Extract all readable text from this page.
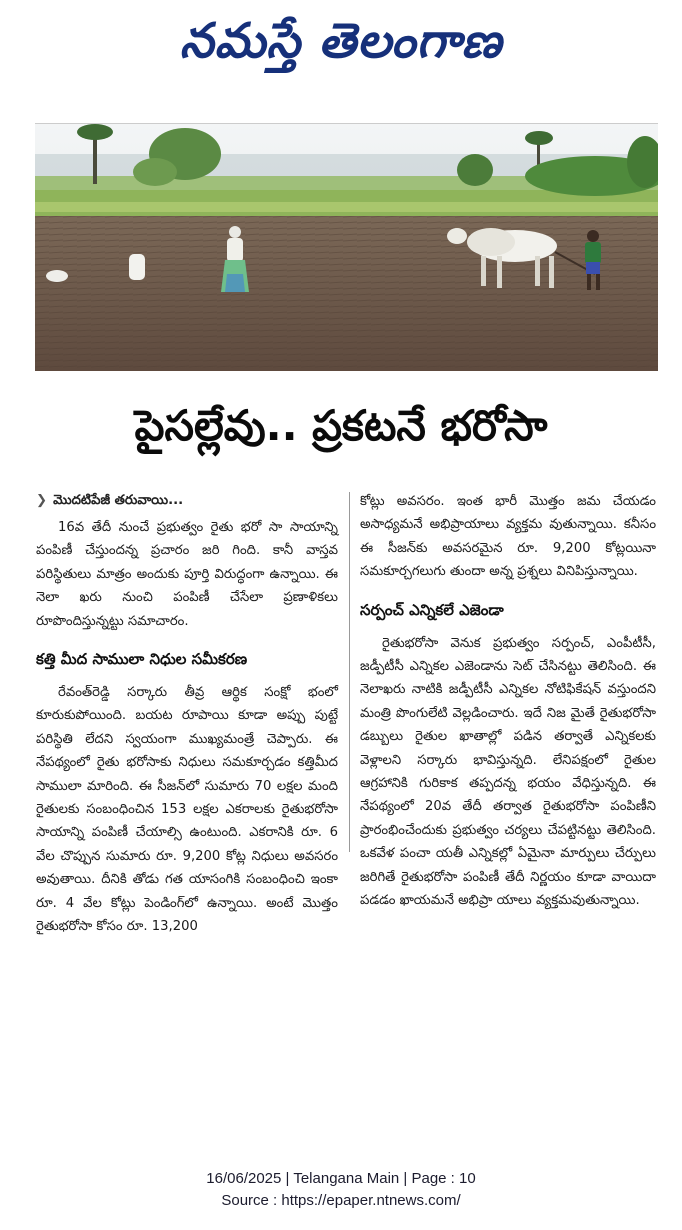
నమస్తే తెలంగాణ
పైసల్లేవు.. ప్రకటనే భరోసా
❯ మొదటిపేజీ తరువాయి...

16వ తేదీ నుంచే ప్రభుత్వం రైతు భరో సా సాయాన్ని పంపిణీ చేస్తుందన్న ప్రచారం జరి గింది. కానీ వాస్తవ పరిస్థితులు మాత్రం అందుకు పూర్తి విరుద్ధంగా ఉన్నాయి. ఈ నెలా ఖరు నుంచి పంపిణీ చేసేలా ప్రణాళికలు రూపొందిస్తున్నట్టు సమాచారం.

కత్తి మీద సాములా నిధుల సమీకరణ

రేవంత్‌రెడ్డి సర్కారు తీవ్ర ఆర్థిక సంక్షో భంలో కూరుకుపోయింది. బయట రూపాయి కూడా అప్పు పుట్టే పరిస్థితి లేదని స్వయంగా ముఖ్యమంత్రే చెప్పారు. ఈ నేపథ్యంలో రైతు భరోసాకు నిధులు సమకూర్చడం కత్తిమీద సాములా మారింది. ఈ సీజన్‌లో సుమారు 70 లక్షల మంది రైతులకు సంబంధించిన 153 లక్షల ఎకరాలకు రైతుభరోసా సాయాన్ని పంపిణీ చేయాల్సి ఉంటుంది. ఎకరానికి రూ. 6 వేల చొప్పున సుమారు రూ. 9,200 కోట్ల నిధులు అవసరం అవుతాయి. దీనికి తోడు గత యాసంగికి సంబంధించి ఇంకా రూ. 4 వేల కోట్లు పెండింగ్‌లో ఉన్నాయి. అంటే మొత్తం రైతుభరోసా కోసం రూ. 13,200

కోట్లు అవసరం. ఇంత భారీ మొత్తం జమ చేయడం అసాధ్యమనే అభిప్రాయాలు వ్యక్తమ వుతున్నాయి. కనీసం ఈ సీజన్‌కు అవసరమైన రూ. 9,200 కోట్లయినా సమకూర్చగలుగు తుందా అన్న ప్రశ్నలు వినిపిస్తున్నాయి.

సర్పంచ్ ఎన్నికలే ఎజెండా

రైతుభరోసా వెనుక ప్రభుత్వం సర్పంచ్, ఎంపీటీసీ, జడ్పీటీసీ ఎన్నికల ఎజెండాను సెట్ చేసినట్టు తెలిసింది. ఈ నెలాఖరు నాటికి జడ్పీటీసీ ఎన్నికల నోటిఫికేషన్ వస్తుందని మంత్రి పొంగులేటి వెల్లడించారు. ఇదే నిజ మైతే రైతుభరోసా డబ్బులు రైతుల ఖాతాల్లో పడిన తర్వాతే ఎన్నికలకు వెళ్లాలని సర్కారు భావిస్తున్నది. లేనిపక్షంలో రైతుల ఆగ్రహానికి గురికాక తప్పదన్న భయం వేధిస్తున్నది. ఈ నేపథ్యంలో 20వ తేదీ తర్వాత రైతుభరోసా పంపిణీని ప్రారంభించేందుకు ప్రభుత్వం చర్యలు చేపట్టినట్టు తెలిసింది. ఒకవేళ పంచా యతీ ఎన్నికల్లో ఏమైనా మార్పులు చేర్పులు జరిగితే రైతుభరోసా పంపిణీ తేదీ నిర్ణయం కూడా వాయిదా పడడం ఖాయమనే అభిప్రా యాలు వ్యక్తమవుతున్నాయి.

16/06/2025 | Telangana Main | Page : 10
Source : https://epaper.ntnews.com/
